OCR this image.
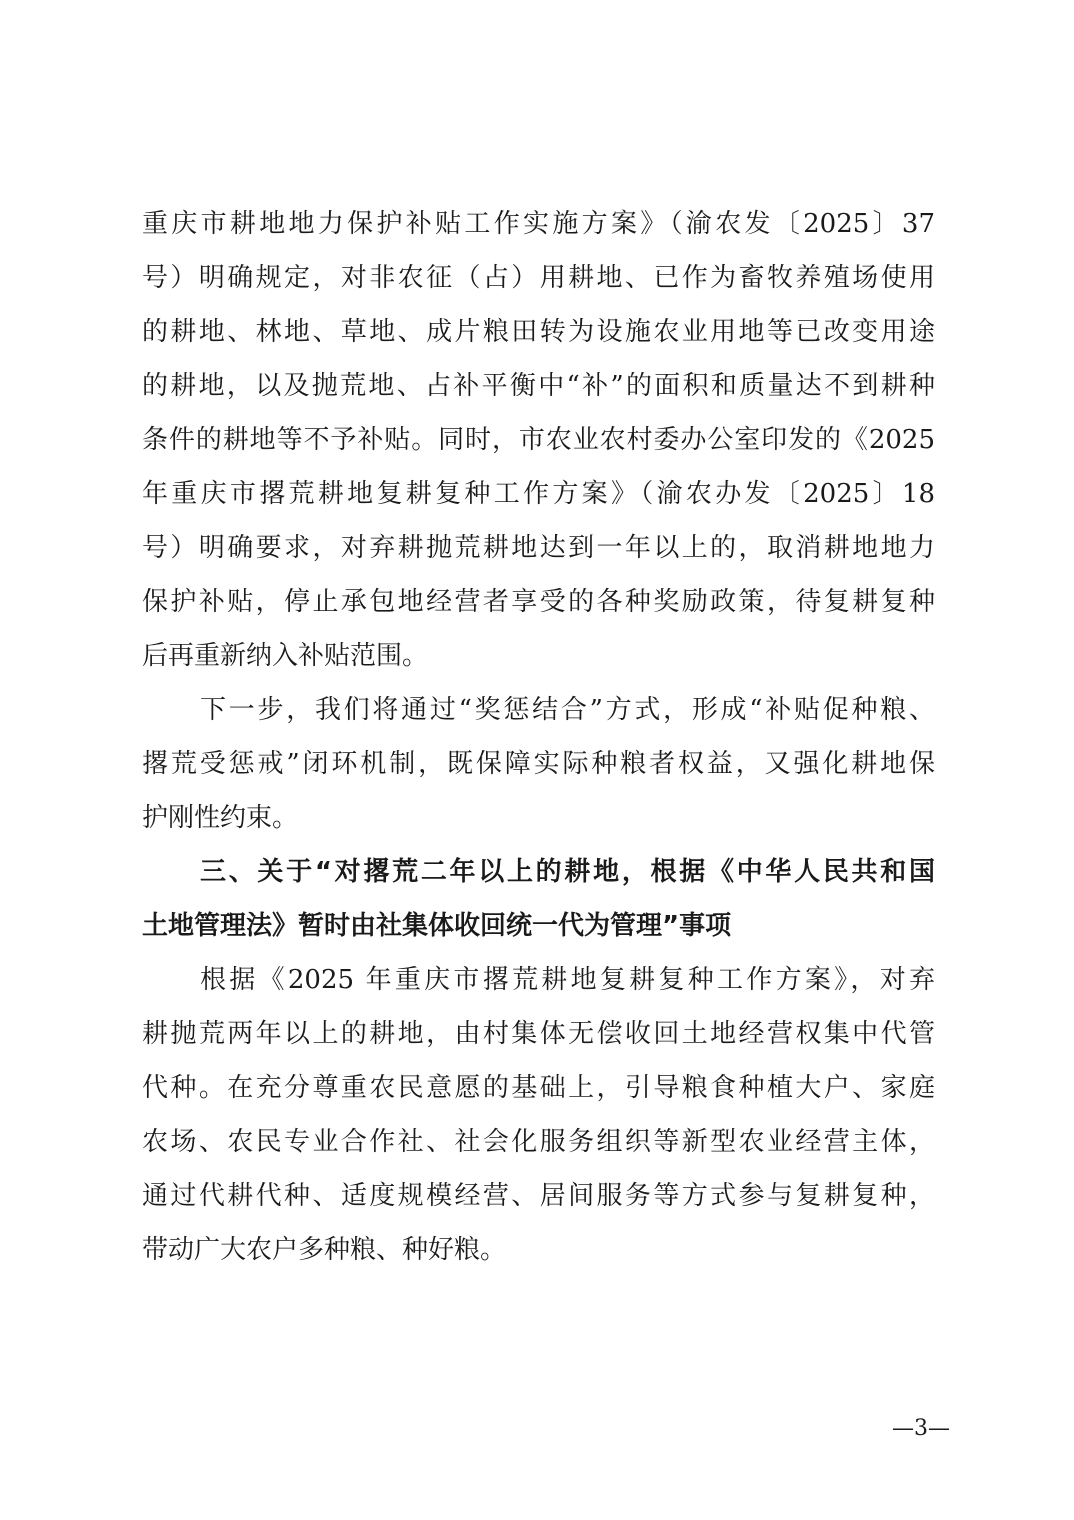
重庆市耕地地力保护补贴工作实施方案》（渝农发〔2025〕37
号）明确规定，对非农征（占）用耕地、已作为畜牧养殖场使用
的耕地、林地、草地、成片粮田转为设施农业用地等已改变用途
的耕地，以及抛荒地、占补平衡中“补”的面积和质量达不到耕种
条件的耕地等不予补贴。同时，市农业农村委办公室印发的《2025
年重庆市撂荒耕地复耕复种工作方案》（渝农办发〔2025〕18
号）明确要求，对弃耕抛荒耕地达到一年以上的，取消耕地地力
保护补贴，停止承包地经营者享受的各种奖励政策，待复耕复种
后再重新纳入补贴范围。
下一步，我们将通过“奖惩结合”方式，形成“补贴促种粮、
撂荒受惩戒”闭环机制，既保障实际种粮者权益，又强化耕地保
护刚性约束。
三、关于“对撂荒二年以上的耕地，根据《中华人民共和国
土地管理法》暂时由社集体收回统一代为管理”事项
根据《2025 年重庆市撂荒耕地复耕复种工作方案》，对弃
耕抛荒两年以上的耕地，由村集体无偿收回土地经营权集中代管
代种。在充分尊重农民意愿的基础上，引导粮食种植大户、家庭
农场、农民专业合作社、社会化服务组织等新型农业经营主体，
通过代耕代种、适度规模经营、居间服务等方式参与复耕复种，
带动广大农户多种粮、种好粮。
—3—
